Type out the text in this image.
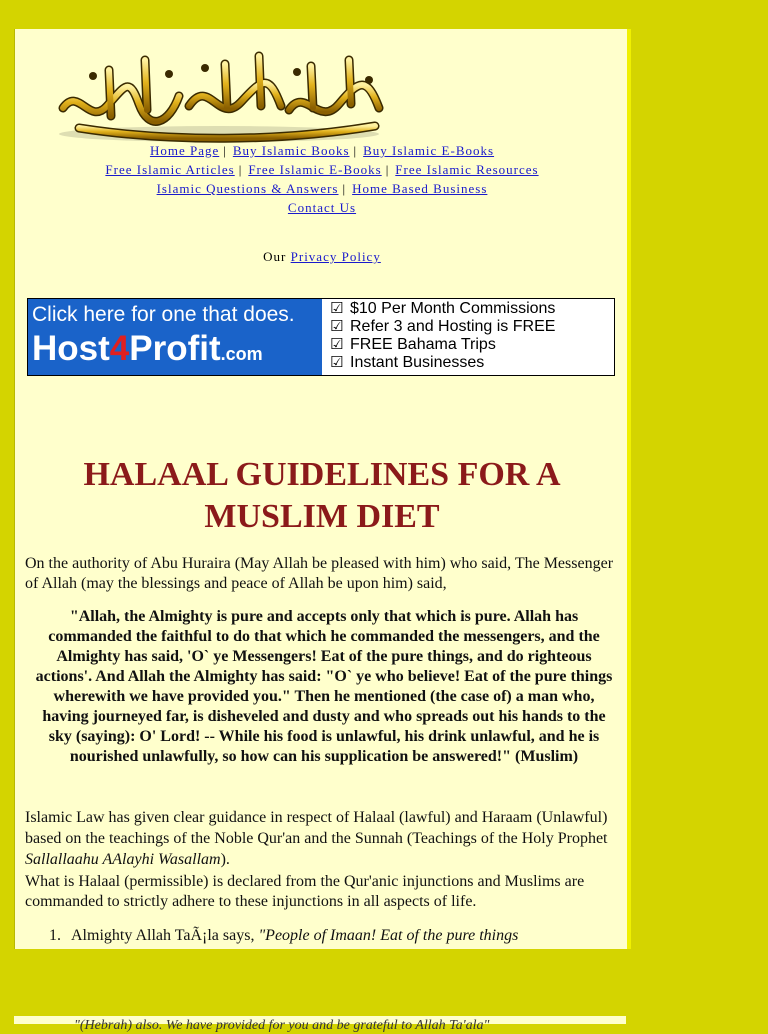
Home Page | Buy Islamic Books | Buy Islamic E-Books
Free Islamic Articles | Free Islamic E-Books | Free Islamic Resources
Islamic Questions & Answers | Home Based Business
Contact Us
Our Privacy Policy
Click here for one that does.
Host4Profit.com
☑ $10 Per Month Commissions
☑ Refer 3 and Hosting is FREE
☑ FREE Bahama Trips
☑ Instant Businesses
HALAAL GUIDELINES FOR A
MUSLIM DIET

On the authority of Abu Huraira (May Allah be pleased with him) who said, The Messenger of Allah (may the blessings and peace of Allah be upon him) said,

"Allah, the Almighty is pure and accepts only that which is pure. Allah has commanded the faithful to do that which he commanded the messengers, and the Almighty has said, 'O` ye Messengers! Eat of the pure things, and do righteous actions'. And Allah the Almighty has said: "O` ye who believe! Eat of the pure things wherewith we have provided you." Then he mentioned (the case of) a man who, having journeyed far, is disheveled and dusty and who spreads out his hands to the sky (saying): O' Lord! -- While his food is unlawful, his drink unlawful, and he is nourished unlawfully, so how can his supplication be answered!" (Muslim)

Islamic Law has given clear guidance in respect of Halaal (lawful) and Haraam (Unlawful) based on the teachings of the Noble Qur'an and the Sunnah (Teachings of the Holy Prophet Sallallaahu AAlayhi Wasallam).

What is Halaal (permissible) is declared from the Qur'anic injunctions and Muslims are commanded to strictly adhere to these injunctions in all aspects of life.

1. Almighty Allah TaÃ¡la says, "People of Imaan! Eat of the pure things

"(Hebrah) also. We have provided for you and be grateful to Allah Ta'ala"
